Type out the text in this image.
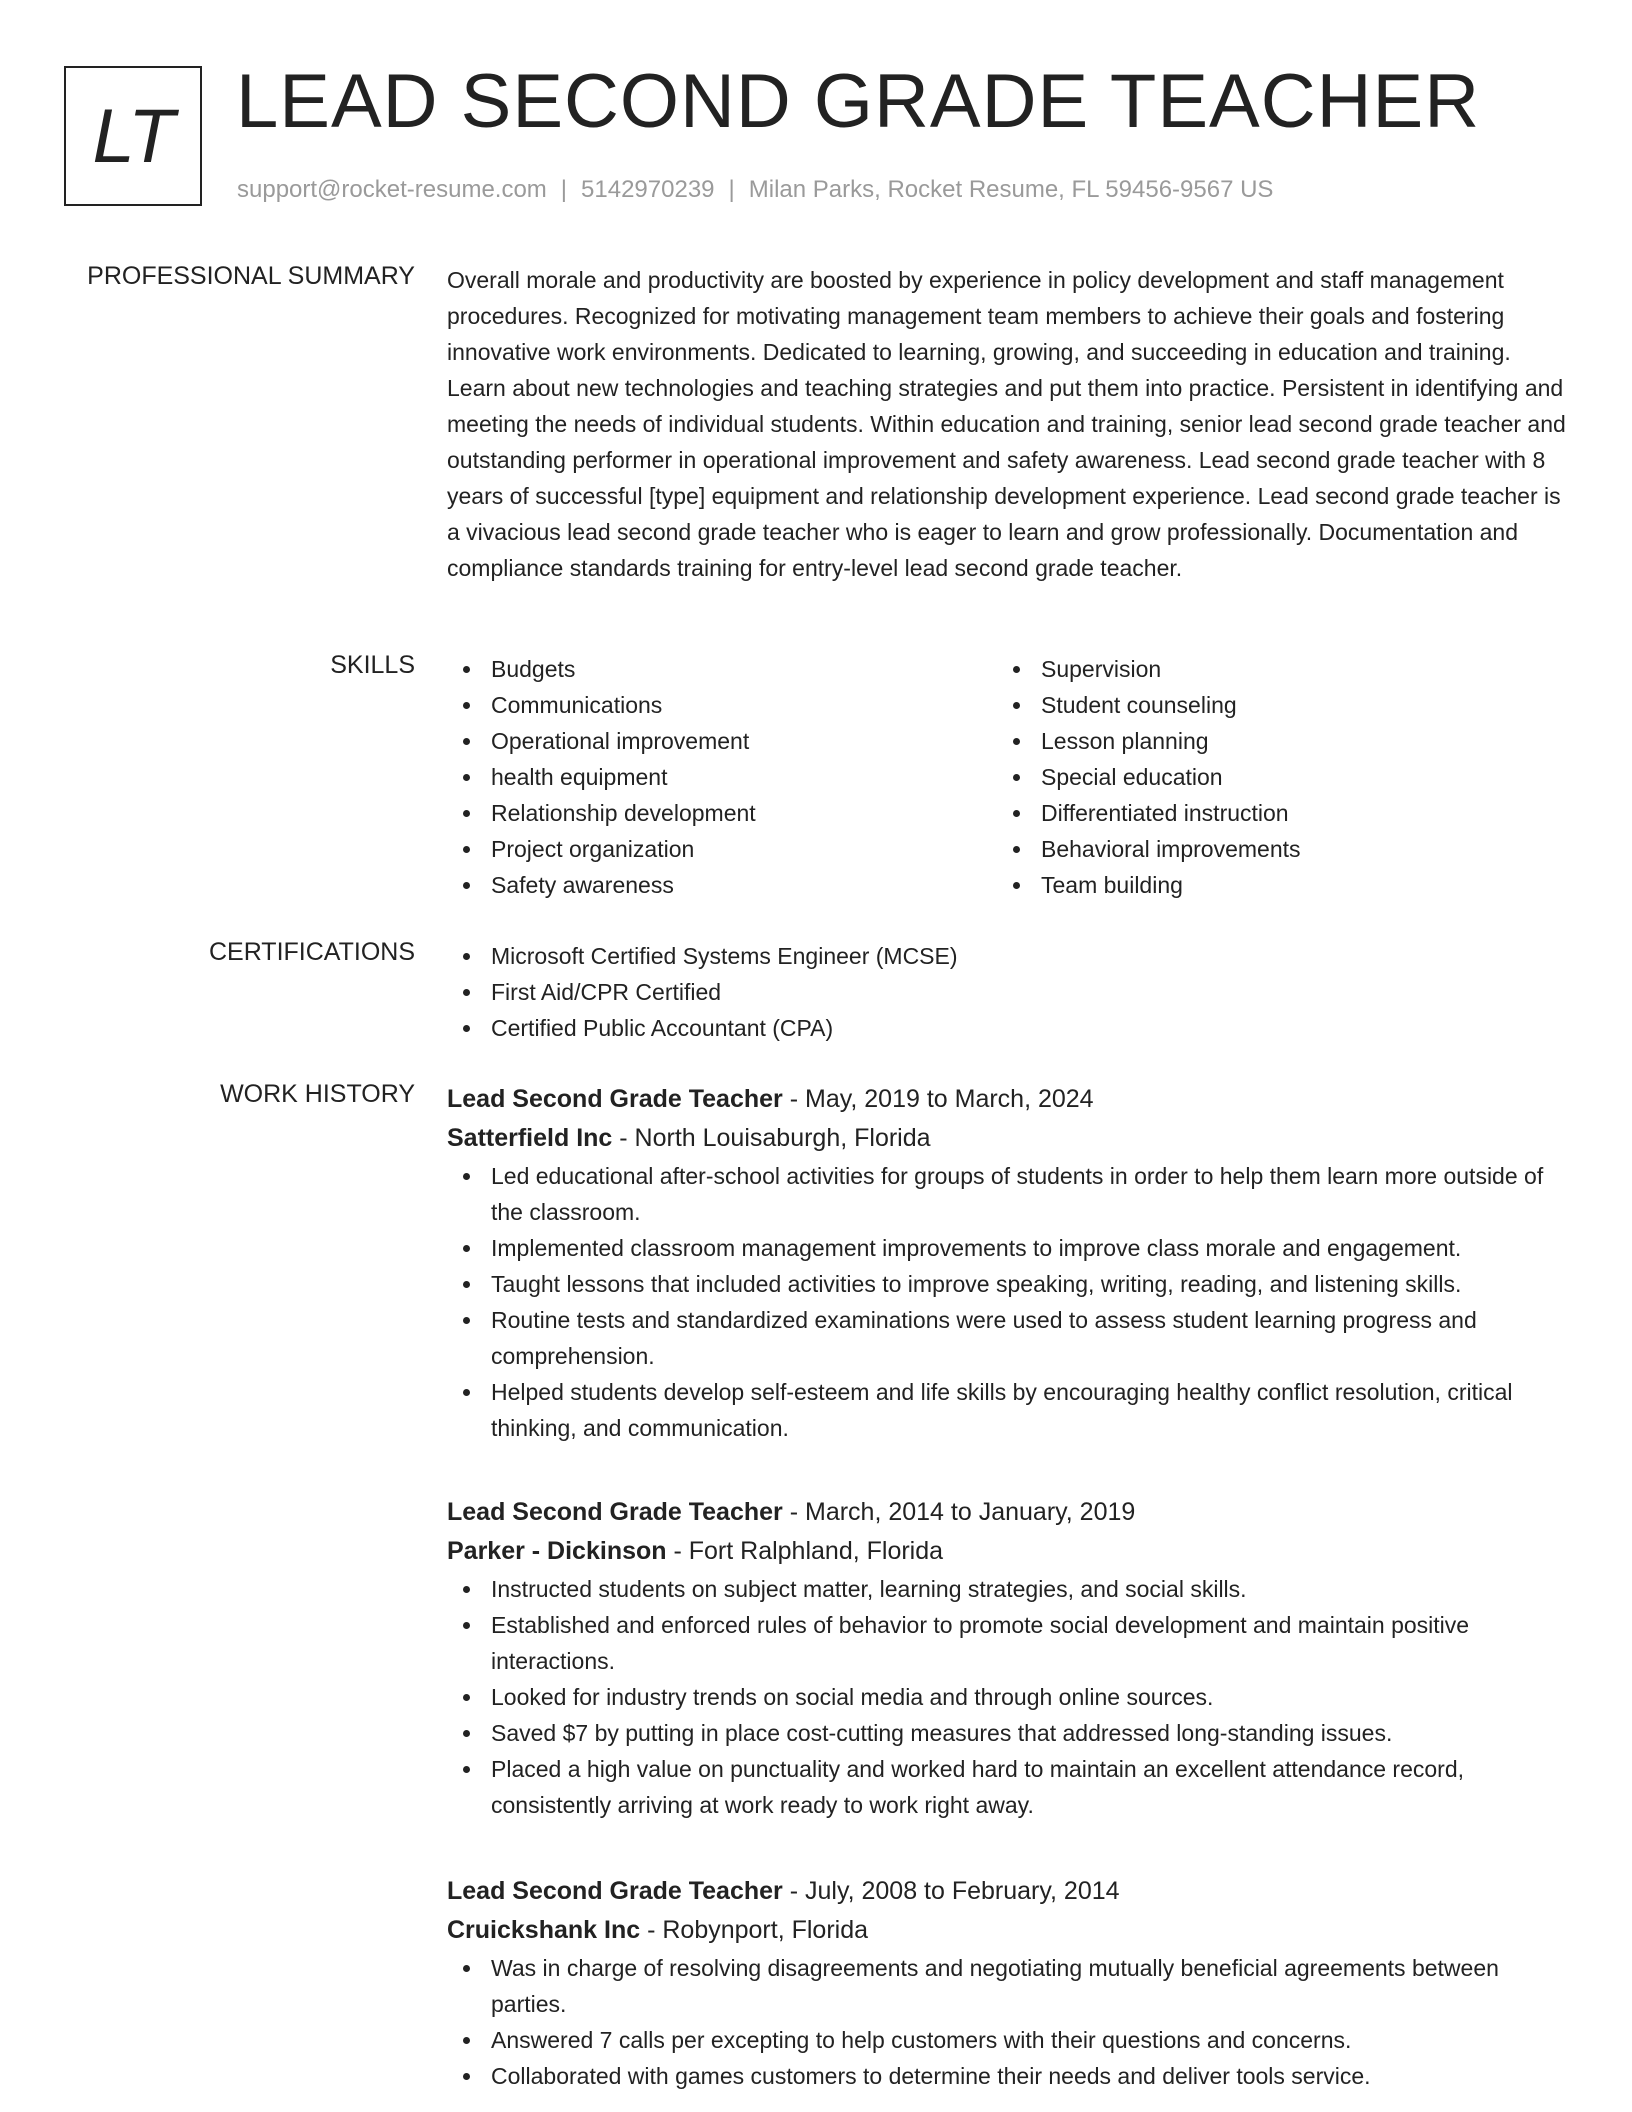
LT LEAD SECOND GRADE TEACHER
support@rocket-resume.com | 5142970239 | Milan Parks, Rocket Resume, FL 59456-9567 US
PROFESSIONAL SUMMARY Overall morale and productivity are boosted by experience in policy development and staff management procedures. Recognized for motivating management team members to achieve their goals and fostering innovative work environments. Dedicated to learning, growing, and succeeding in education and training. Learn about new technologies and teaching strategies and put them into practice. Persistent in identifying and meeting the needs of individual students. Within education and training, senior lead second grade teacher and outstanding performer in operational improvement and safety awareness. Lead second grade teacher with 8 years of successful [type] equipment and relationship development experience. Lead second grade teacher is a vivacious lead second grade teacher who is eager to learn and grow professionally. Documentation and compliance standards training for entry-level lead second grade teacher.

SKILLS	Budgets
Communications
Operational improvement
health equipment
Relationship development
Project organization
Safety awareness
Supervision
Student counseling
Lesson planning
Special education
Differentiated instruction
Behavioral improvements
Team building
CERTIFICATIONS	Microsoft Certified Systems Engineer (MCSE)
First Aid/CPR Certified
Certified Public Accountant (CPA)
WORK HISTORY Lead Second Grade Teacher - May, 2019 to March, 2024
Satterfield Inc - North Louisaburgh, Florida
Led educational after-school activities for groups of students in order to help them learn more outside of the classroom.
Implemented classroom management improvements to improve class morale and engagement.
Taught lessons that included activities to improve speaking, writing, reading, and listening skills.
Routine tests and standardized examinations were used to assess student learning progress and comprehension.
Helped students develop self-esteem and life skills by encouraging healthy conflict resolution, critical thinking, and communication.
Lead Second Grade Teacher - March, 2014 to January, 2019
Parker - Dickinson - Fort Ralphland, Florida
Instructed students on subject matter, learning strategies, and social skills.
Established and enforced rules of behavior to promote social development and maintain positive interactions.
Looked for industry trends on social media and through online sources.
Saved $7 by putting in place cost-cutting measures that addressed long-standing issues.
Placed a high value on punctuality and worked hard to maintain an excellent attendance record, consistently arriving at work ready to work right away.
Lead Second Grade Teacher - July, 2008 to February, 2014
Cruickshank Inc - Robynport, Florida
Was in charge of resolving disagreements and negotiating mutually beneficial agreements between parties.
Answered 7 calls per excepting to help customers with their questions and concerns.
Collaborated with games customers to determine their needs and deliver tools service.
